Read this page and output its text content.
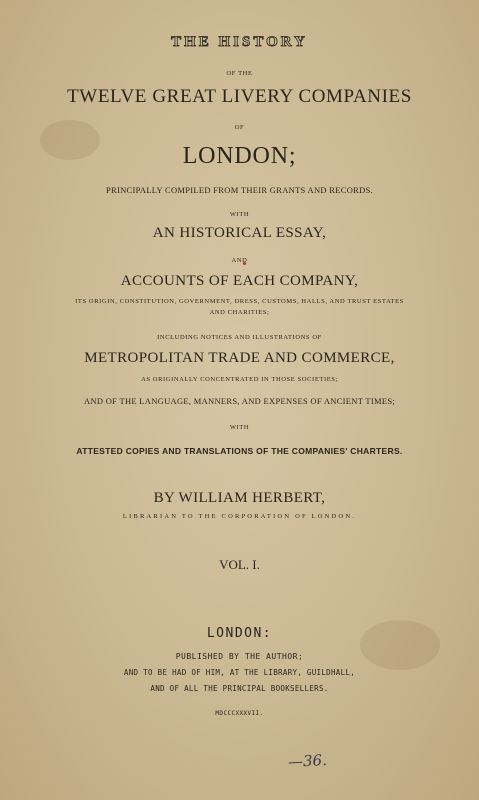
THE HISTORY
OF THE
TWELVE GREAT LIVERY COMPANIES
OF
LONDON;
PRINCIPALLY COMPILED FROM THEIR GRANTS AND RECORDS.
WITH
AN HISTORICAL ESSAY,
AND
ACCOUNTS OF EACH COMPANY,
ITS ORIGIN, CONSTITUTION, GOVERNMENT, DRESS, CUSTOMS, HALLS, AND TRUST ESTATES
AND CHARITIES;
INCLUDING NOTICES AND ILLUSTRATIONS OF
METROPOLITAN TRADE AND COMMERCE,
AS ORIGINALLY CONCENTRATED IN THOSE SOCIETIES;
AND OF THE LANGUAGE, MANNERS, AND EXPENSES OF ANCIENT TIMES;
WITH
ATTESTED COPIES AND TRANSLATIONS OF THE COMPANIES' CHARTERS.
BY WILLIAM HERBERT,
LIBRARIAN TO THE CORPORATION OF LONDON.
VOL. I.
LONDON:
PUBLISHED BY THE AUTHOR;
AND TO BE HAD OF HIM, AT THE LIBRARY, GUILDHALL,
AND OF ALL THE PRINCIPAL BOOKSELLERS.
MDCCCXXXVII.
—36.
